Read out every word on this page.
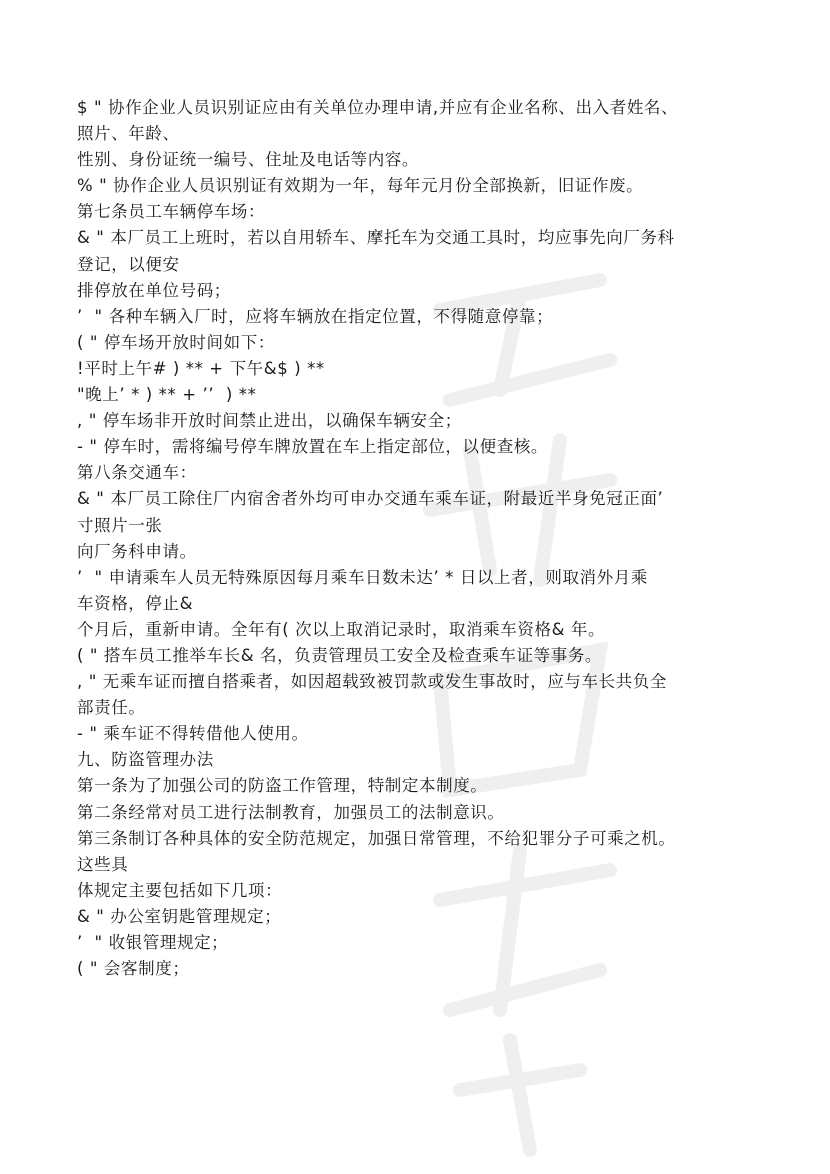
$ " 协作企业人员识别证应由有关单位办理申请,并应有企业名称、出入者姓名、
照片、年龄、
性别、身份证统一编号、住址及电话等内容。
% " 协作企业人员识别证有效期为一年，每年元月份全部换新，旧证作废。
第七条员工车辆停车场：
& " 本厂员工上班时，若以自用轿车、摩托车为交通工具时，均应事先向厂务科
登记，以便安
排停放在单位号码；
’  " 各种车辆入厂时，应将车辆放在指定位置，不得随意停靠；
( " 停车场开放时间如下：
!平时上午# ) ** + 下午&$ ) **
"晚上’ * ) ** + ’’  ) **
, " 停车场非开放时间禁止进出，以确保车辆安全；
- " 停车时，需将编号停车牌放置在车上指定部位，以便查核。
第八条交通车：
& " 本厂员工除住厂内宿舍者外均可申办交通车乘车证，附最近半身免冠正面’
寸照片一张
向厂务科申请。
’  " 申请乘车人员无特殊原因每月乘车日数未达’ * 日以上者，则取消外月乘
车资格，停止&
个月后，重新申请。全年有( 次以上取消记录时，取消乘车资格& 年。
( " 搭车员工推举车长& 名，负责管理员工安全及检查乘车证等事务。
, " 无乘车证而擅自搭乘者，如因超载致被罚款或发生事故时，应与车长共负全
部责任。
- " 乘车证不得转借他人使用。
九、防盗管理办法
第一条为了加强公司的防盗工作管理，特制定本制度。
第二条经常对员工进行法制教育，加强员工的法制意识。
第三条制订各种具体的安全防范规定，加强日常管理，不给犯罪分子可乘之机。
这些具
体规定主要包括如下几项：
& " 办公室钥匙管理规定；
’  " 收银管理规定；
( " 会客制度；
